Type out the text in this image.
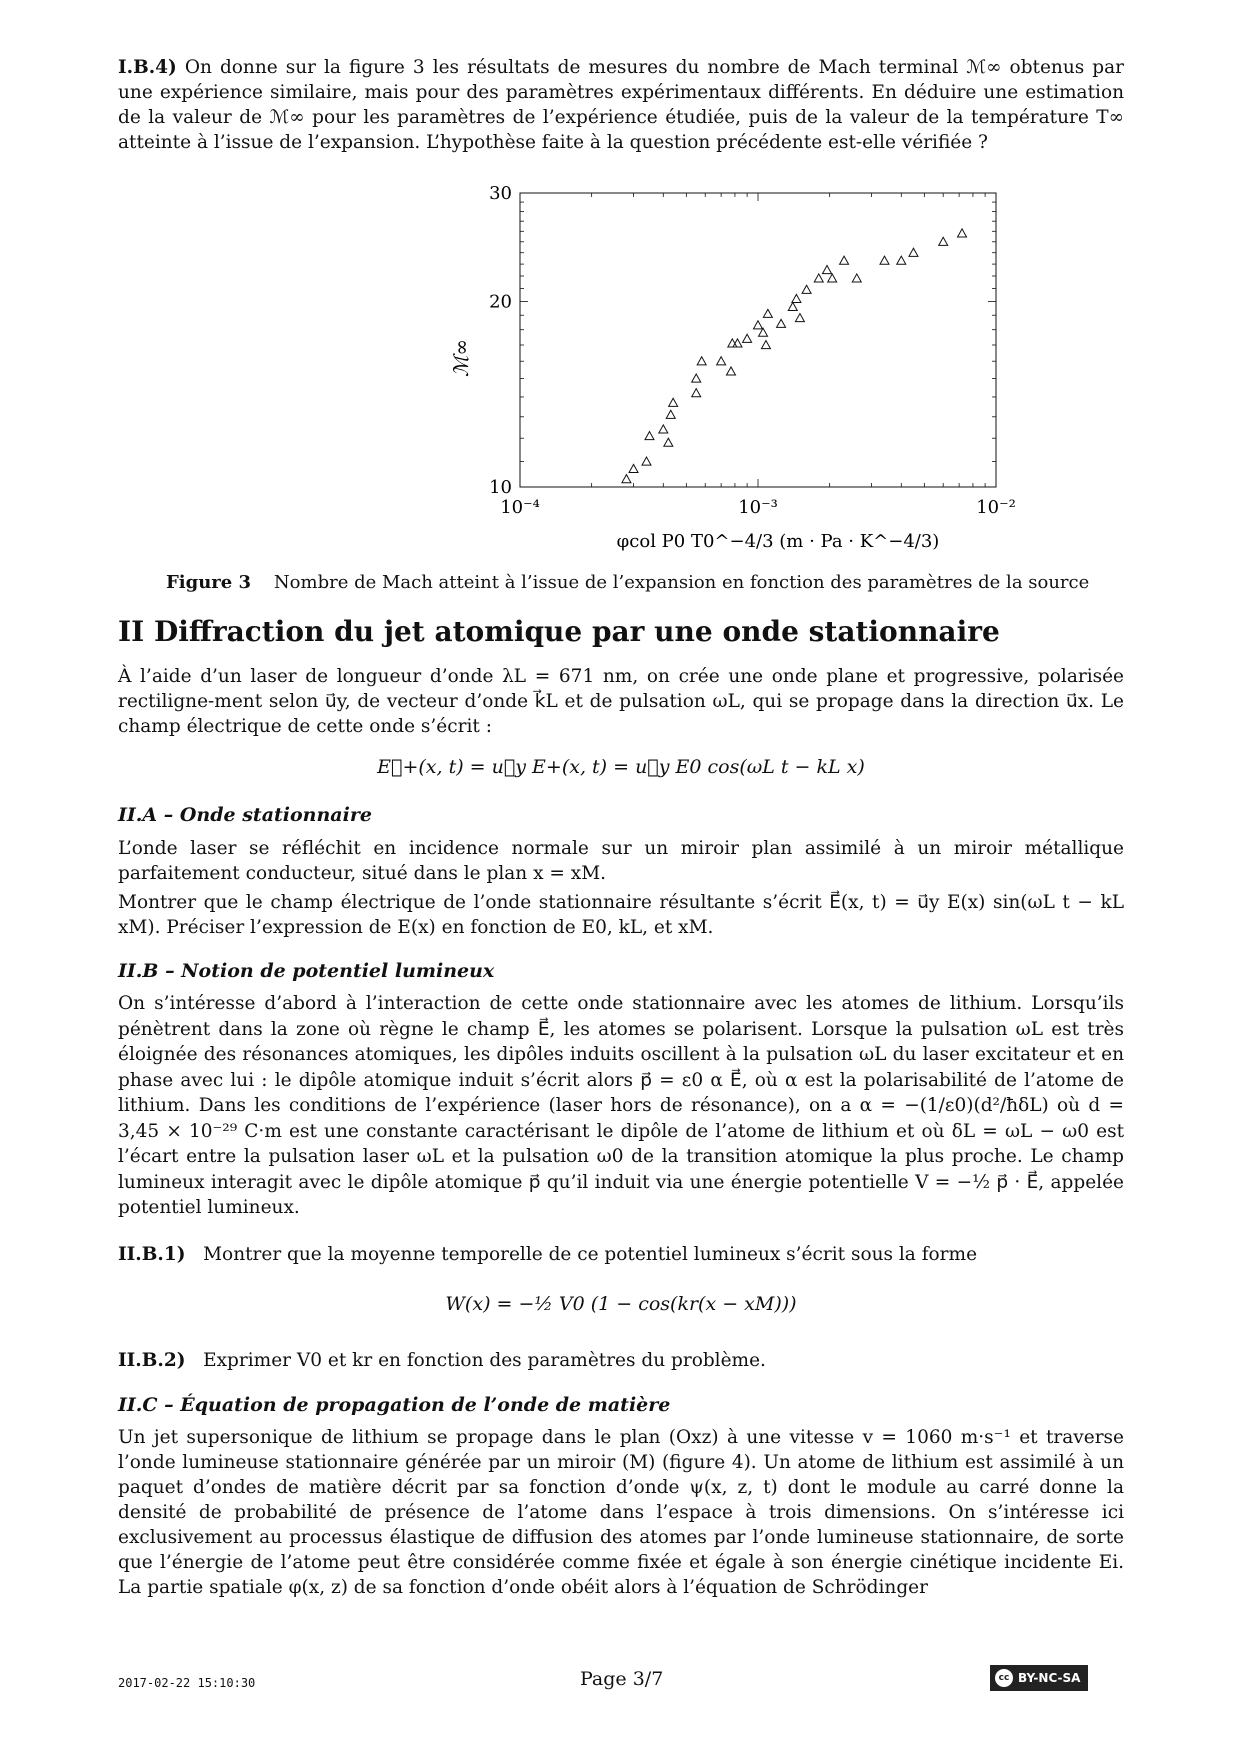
I.B.4) On donne sur la figure 3 les résultats de mesures du nombre de Mach terminal ℳ∞ obtenus par une expérience similaire, mais pour des paramètres expérimentaux différents. En déduire une estimation de la valeur de ℳ∞ pour les paramètres de l’expérience étudiée, puis de la valeur de la température T∞ atteinte à l’issue de l’expansion. L’hypothèse faite à la question précédente est-elle vérifiée ?

30
20
10
10⁻⁴	10⁻³	10⁻²
ℳ∞
φcol P0 T0^−4/3 (m · Pa · K^−4/3)
Figure 3 Nombre de Mach atteint à l’issue de l’expansion en fonction des paramètres de la source
II Diffraction du jet atomique par une onde stationnaire

À l’aide d’un laser de longueur d’onde λL = 671 nm, on crée une onde plane et progressive, polarisée rectiligne-ment selon u⃗y, de vecteur d’onde k⃗L et de pulsation ωL, qui se propage dans la direction u⃗x. Le champ électrique de cette onde s’écrit :

E⃗+(x, t) = u⃗y E+(x, t) = u⃗y E0 cos(ωL t − kL x)
II.A – Onde stationnaire

L’onde laser se réfléchit en incidence normale sur un miroir plan assimilé à un miroir métallique parfaitement conducteur, situé dans le plan x = xM.

Montrer que le champ électrique de l’onde stationnaire résultante s’écrit E⃗(x, t) = u⃗y E(x) sin(ωL t − kL xM). Préciser l’expression de E(x) en fonction de E0, kL, et xM.

II.B – Notion de potentiel lumineux

On s’intéresse d’abord à l’interaction de cette onde stationnaire avec les atomes de lithium. Lorsqu’ils pénètrent dans la zone où règne le champ E⃗, les atomes se polarisent. Lorsque la pulsation ωL est très éloignée des résonances atomiques, les dipôles induits oscillent à la pulsation ωL du laser excitateur et en phase avec lui : le dipôle atomique induit s’écrit alors p⃗ = ε0 α E⃗, où α est la polarisabilité de l’atome de lithium. Dans les conditions de l’expérience (laser hors de résonance), on a α = −(1/ε0)(d²/ħδL) où d = 3,45 × 10⁻²⁹ C·m est une constante caractérisant le dipôle de l’atome de lithium et où δL = ωL − ω0 est l’écart entre la pulsation laser ωL et la pulsation ω0 de la transition atomique la plus proche. Le champ lumineux interagit avec le dipôle atomique p⃗ qu’il induit via une énergie potentielle V = −½ p⃗ · E⃗, appelée potentiel lumineux.

II.B.1) Montrer que la moyenne temporelle de ce potentiel lumineux s’écrit sous la forme

W(x) = −½ V0 (1 − cos(kr(x − xM)))

II.B.2) Exprimer V0 et kr en fonction des paramètres du problème.

II.C – Équation de propagation de l’onde de matière

Un jet supersonique de lithium se propage dans le plan (Oxz) à une vitesse v = 1060 m·s⁻¹ et traverse l’onde lumineuse stationnaire générée par un miroir (M) (figure 4). Un atome de lithium est assimilé à un paquet d’ondes de matière décrit par sa fonction d’onde ψ(x, z, t) dont le module au carré donne la densité de probabilité de présence de l’atome dans l’espace à trois dimensions. On s’intéresse ici exclusivement au processus élastique de diffusion des atomes par l’onde lumineuse stationnaire, de sorte que l’énergie de l’atome peut être considérée comme fixée et égale à son énergie cinétique incidente Ei. La partie spatiale φ(x, z) de sa fonction d’onde obéit alors à l’équation de Schrödinger

2017-02-22 15:10:30	Page 3/7	cc BY-NC-SA
